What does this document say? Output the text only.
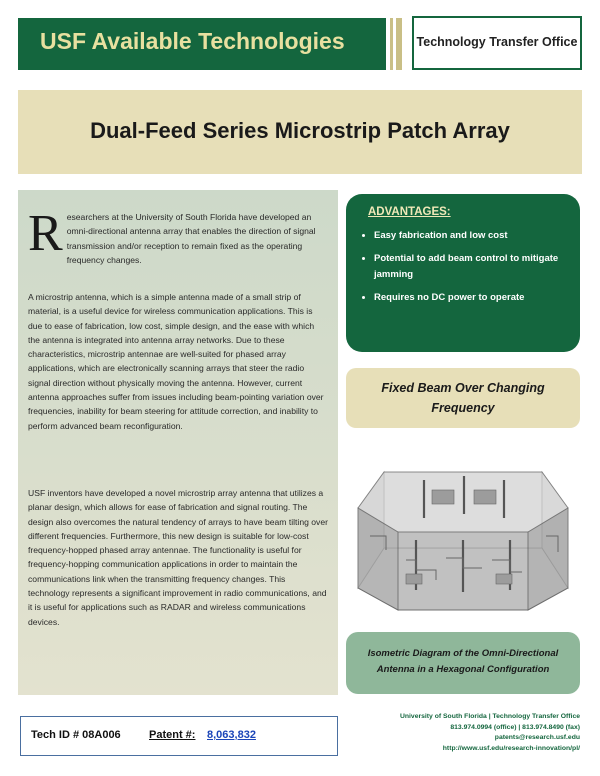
USF Available Technologies	Technology Transfer Office
Dual-Feed Series Microstrip Patch Array
R esearchers at the University of South Florida have developed an omni-directional antenna array that enables the direction of signal transmission and/or reception to remain fixed as the operating frequency changes.
A microstrip antenna, which is a simple antenna made of a small strip of material, is a useful device for wireless communication applications. This is due to ease of fabrication, low cost, simple design, and the ease with which the antenna is integrated into antenna array networks. Due to these characteristics, microstrip antennae are well-suited for phased array applications, which are electronically scanning arrays that steer the radio signal direction without physically moving the antenna. However, current antenna approaches suffer from issues including beam-pointing variation over frequencies, inability for beam steering for attitude correction, and inability to perform advanced beam reconfiguration.
USF inventors have developed a novel microstrip array antenna that utilizes a planar design, which allows for ease of fabrication and signal routing. The design also overcomes the natural tendency of arrays to have beam tilting over different frequencies. Furthermore, this new design is suitable for low-cost frequency-hopped phased array antennae. The functionality is useful for frequency-hopping communication applications in order to maintain the communications link when the transmitting frequency changes. This technology represents a significant improvement in radio communications, and it is useful for applications such as RADAR and wireless communications devices.
ADVANTAGES:
• Easy fabrication and low cost
• Potential to add beam control to mitigate jamming
• Requires no DC power to operate
Fixed Beam Over Changing Frequency
Isometric Diagram of the Omni-Directional Antenna in a Hexagonal Configuration
Tech ID # 08A006	Patent #: 8,063,832
University of South Florida | Technology Transfer Office
813.974.0994 (office) | 813.974.8490 (fax)
patents@research.usf.edu
http://www.usf.edu/research-innovation/pl/
